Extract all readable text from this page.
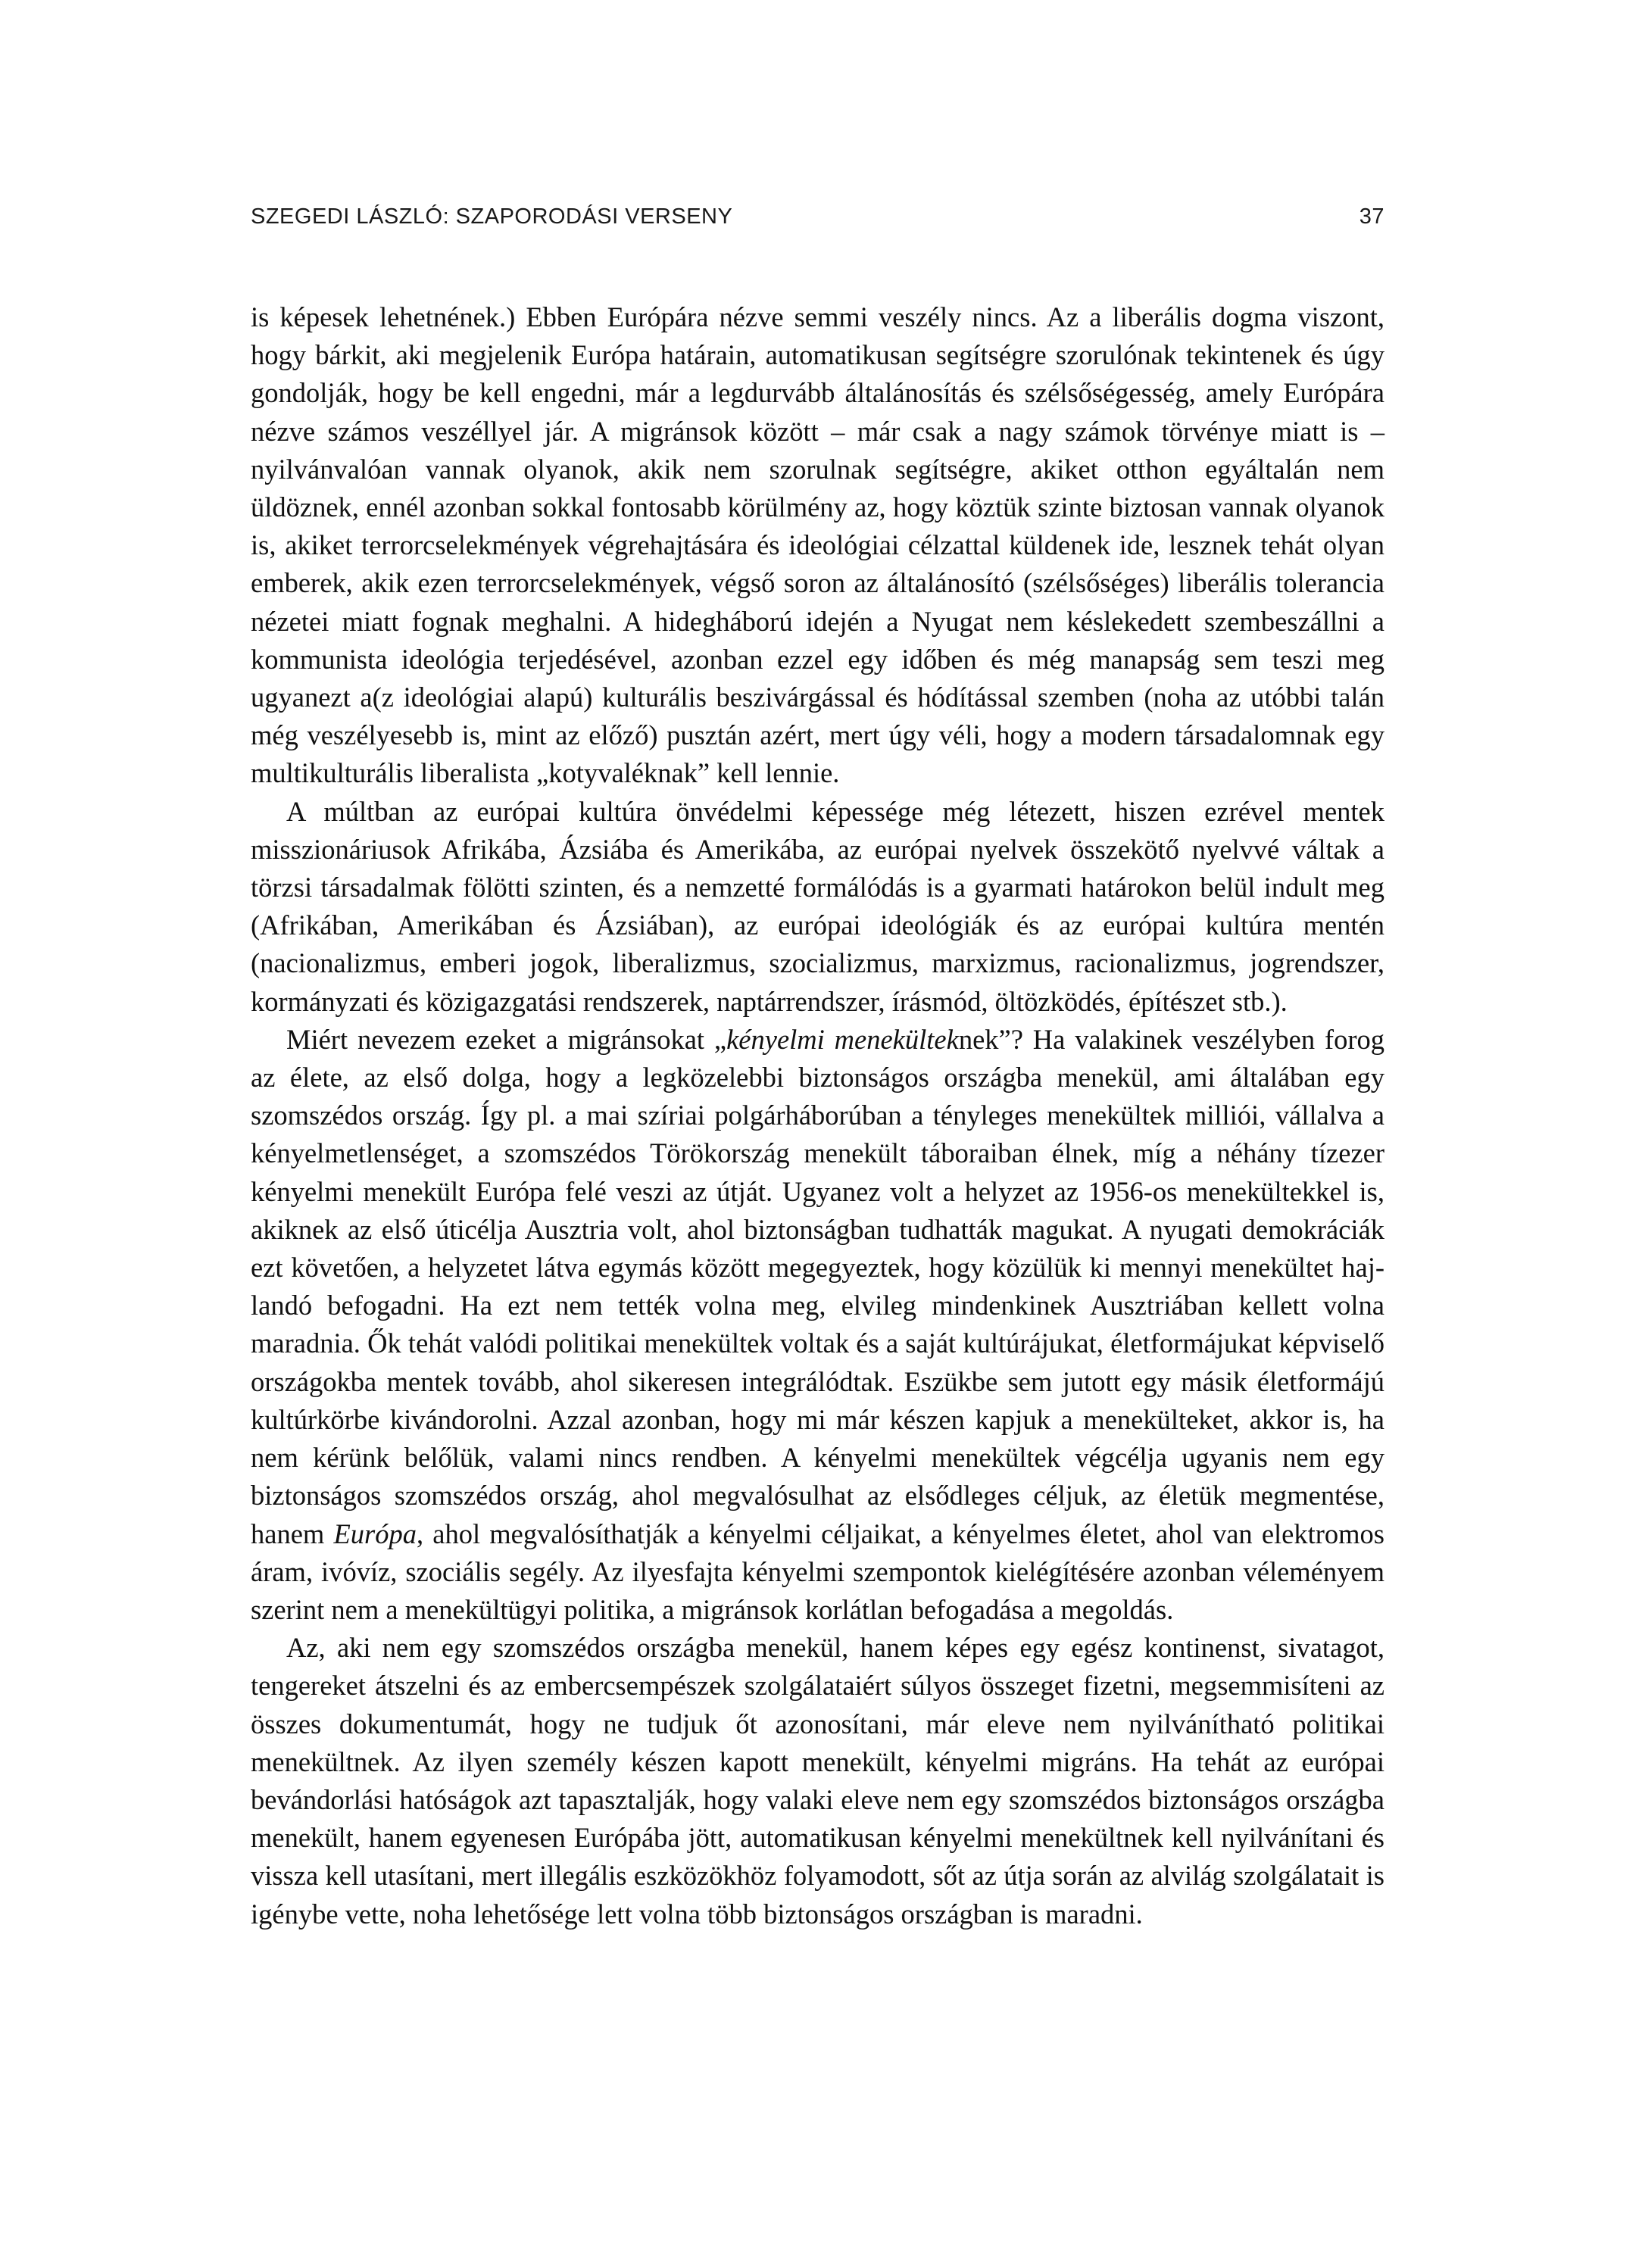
SZEGEDI LÁSZLÓ: SZAPORODÁSI VERSENY	37

is képesek lehetnének.) Ebben Európára nézve semmi veszély nincs. Az a liberális dogma viszont, hogy bárkit, aki megjelenik Európa határain, automatikusan segítségre szorulónak tekintenek és úgy gondolják, hogy be kell engedni, már a legdurvább általánosítás és szélsőségesség, amely Európára nézve számos veszéllyel jár. A migránsok között – már csak a nagy számok törvénye miatt is – nyilvánvalóan vannak olyanok, akik nem szorulnak segítségre, akiket otthon egyáltalán nem üldöznek, ennél azonban sokkal fontosabb körülmény az, hogy köztük szinte biztosan vannak olyanok is, akiket terrorcselekmények végrehajtására és ideológiai célzattal küldenek ide, lesznek tehát olyan emberek, akik ezen terrorcselekmények, végső soron az általánosító (szélsőséges) liberális tolerancia nézetei miatt fognak meghalni. A hidegháború idején a Nyugat nem késlekedett szembeszállni a kommunista ideológia terjedésével, azonban ezzel egy időben és még manapság sem teszi meg ugyanezt a(z ideológiai alapú) kulturális beszivárgással és hódítással szemben (noha az utóbbi talán még veszélyesebb is, mint az előző) pusztán azért, mert úgy véli, hogy a modern társadalomnak egy multikulturális liberalista „kotyvaléknak” kell lennie.

A múltban az európai kultúra önvédelmi képessége még létezett, hiszen ezrével mentek misszionáriusok Afrikába, Ázsiába és Amerikába, az európai nyelvek összekötő nyelvvé váltak a törzsi társadalmak fölötti szinten, és a nemzetté formálódás is a gyarmati határokon belül indult meg (Afrikában, Amerikában és Ázsiában), az európai ideológiák és az európai kultúra mentén (nacionalizmus, emberi jogok, liberalizmus, szocializmus, marxizmus, racionalizmus, jogrendszer, kormányzati és közigazgatási rendszerek, naptárrendszer, írásmód, öltözködés, építészet stb.).

Miért nevezem ezeket a migránsokat „kényelmi menekülteknek”? Ha valakinek veszélyben forog az élete, az első dolga, hogy a legközelebbi biztonságos országba menekül, ami általában egy szomszédos ország. Így pl. a mai szíriai polgárháborúban a tényleges menekültek milliói, vállalva a kényelmetlenséget, a szomszédos Törökország menekült táboraiban élnek, míg a néhány tízezer kényelmi menekült Európa felé veszi az útját. Ugyanez volt a helyzet az 1956-os menekültekkel is, akiknek az első úticélja Ausztria volt, ahol biztonságban tudhatták magukat. A nyugati demokráciák ezt követően, a helyzetet látva egymás között megegyeztek, hogy közülük ki mennyi menekültet hajlandó befogadni. Ha ezt nem tették volna meg, elvileg mindenkinek Ausztriában kellett volna maradnia. Ők tehát valódi politikai menekültek voltak és a saját kultúrájukat, életformájukat képviselő országokba mentek tovább, ahol sikeresen integrálódtak. Eszükbe sem jutott egy másik életformájú kultúrkörbe kivándorolni. Azzal azonban, hogy mi már készen kapjuk a menekülteket, akkor is, ha nem kérünk belőlük, valami nincs rendben. A kényelmi menekültek végcélja ugyanis nem egy biztonságos szomszédos ország, ahol megvalósulhat az elsődleges céljuk, az életük megmentése, hanem Európa, ahol megvalósíthatják a kényelmi céljaikat, a kényelmes életet, ahol van elektromos áram, ivóvíz, szociális segély. Az ilyesfajta kényelmi szempontok kielégítésére azonban véleményem szerint nem a menekültügyi politika, a migránsok korlátlan befogadása a megoldás.

Az, aki nem egy szomszédos országba menekül, hanem képes egy egész kontinenst, sivatagot, tengereket átszelni és az embercsempészek szolgálataiért súlyos összeget fizetni, megsemmisíteni az összes dokumentumát, hogy ne tudjuk őt azonosítani, már eleve nem nyilvánítható politikai menekültnek. Az ilyen személy készen kapott menekült, kényelmi migráns. Ha tehát az európai bevándorlási hatóságok azt tapasztalják, hogy valaki eleve nem egy szomszédos biztonságos országba menekült, hanem egyenesen Európába jött, automatikusan kényelmi menekültnek kell nyilvánítani és vissza kell utasítani, mert illegális eszközökhöz folyamodott, sőt az útja során az alvilág szolgálatait is igénybe vette, noha lehetősége lett volna több biztonságos országban is maradni.
